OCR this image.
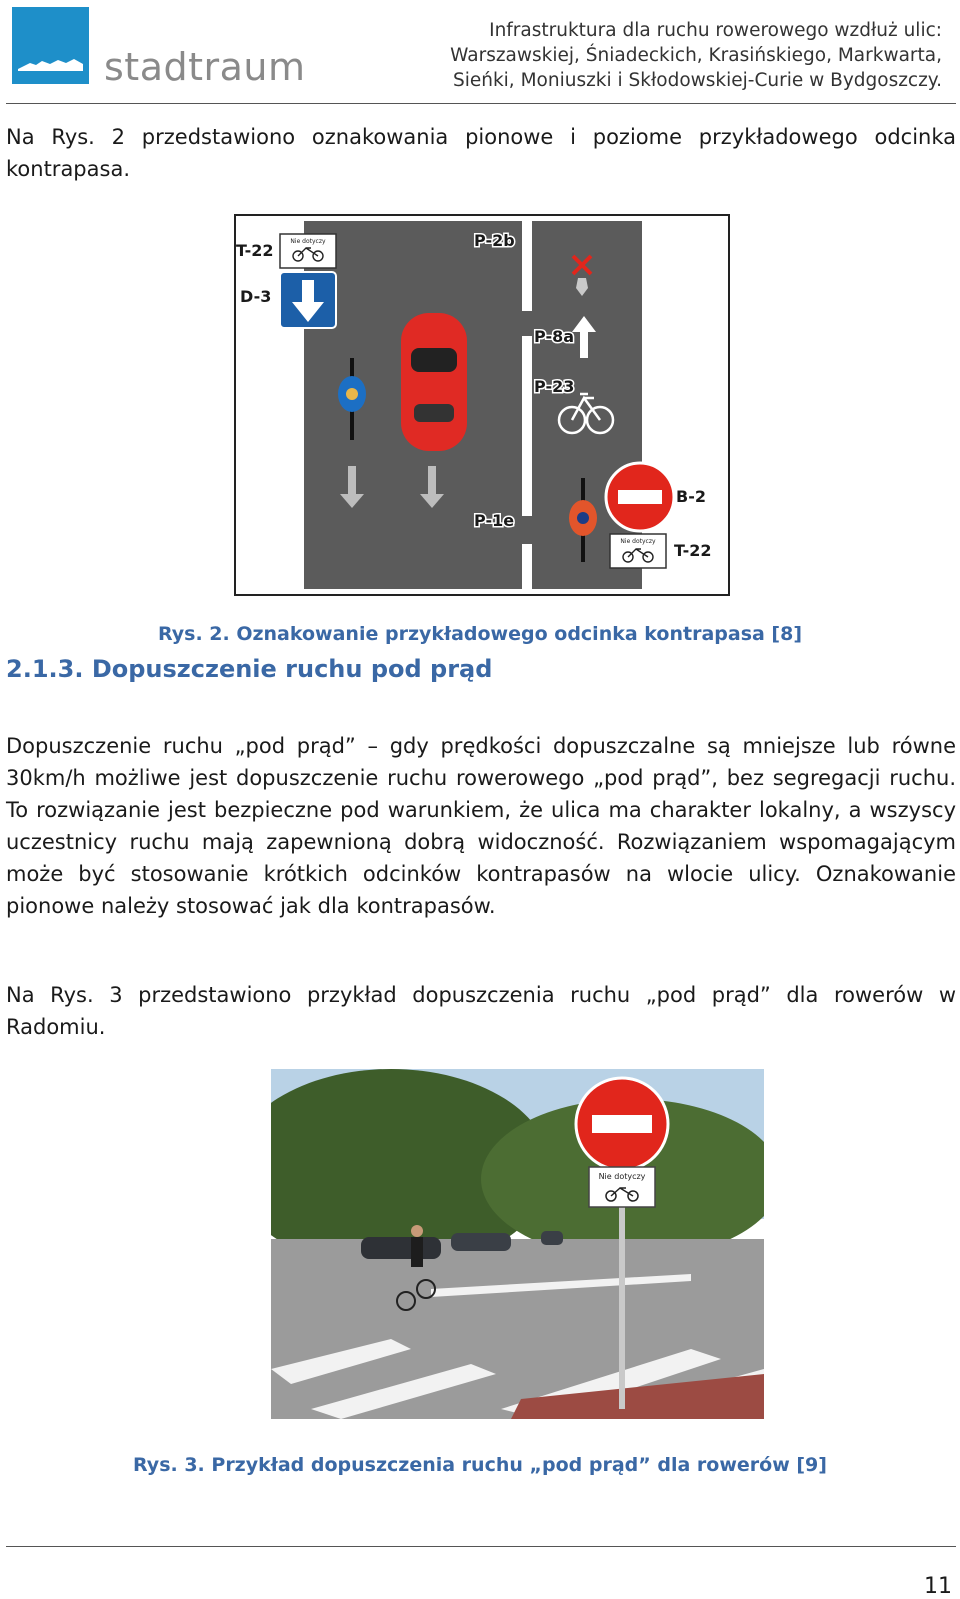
stadtraum
Infrastruktura dla ruchu rowerowego wzdłuż ulic:
Warszawskiej, Śniadeckich, Krasińskiego, Markwarta,
Sieńki, Moniuszki i Skłodowskiej-Curie w Bydgoszczy.
Na Rys. 2 przedstawiono oznakowania pionowe i poziome przykładowego odcinka kontrapasa.
Nie dotyczy
Nie dotyczy
T-22
D-3
P-2b
P-8a
P-23
P-1e
B-2
T-22
Rys. 2. Oznakowanie przykładowego odcinka kontrapasa [8]
2.1.3. Dopuszczenie ruchu pod prąd
Dopuszczenie ruchu „pod prąd” – gdy prędkości dopuszczalne są mniejsze lub równe 30km/h możliwe jest dopuszczenie ruchu rowerowego „pod prąd”, bez segregacji ruchu. To rozwiązanie jest bezpieczne pod warunkiem, że ulica ma charakter lokalny, a wszyscy uczestnicy ruchu mają zapewnioną dobrą widoczność. Rozwiązaniem wspomagającym może być stosowanie krótkich odcinków kontrapasów na wlocie ulicy. Oznakowanie pionowe należy stosować jak dla kontrapasów.
Na Rys. 3 przedstawiono przykład dopuszczenia ruchu „pod prąd” dla rowerów w Radomiu.
Nie dotyczy
Rys. 3. Przykład dopuszczenia ruchu „pod prąd” dla rowerów [9]
11
